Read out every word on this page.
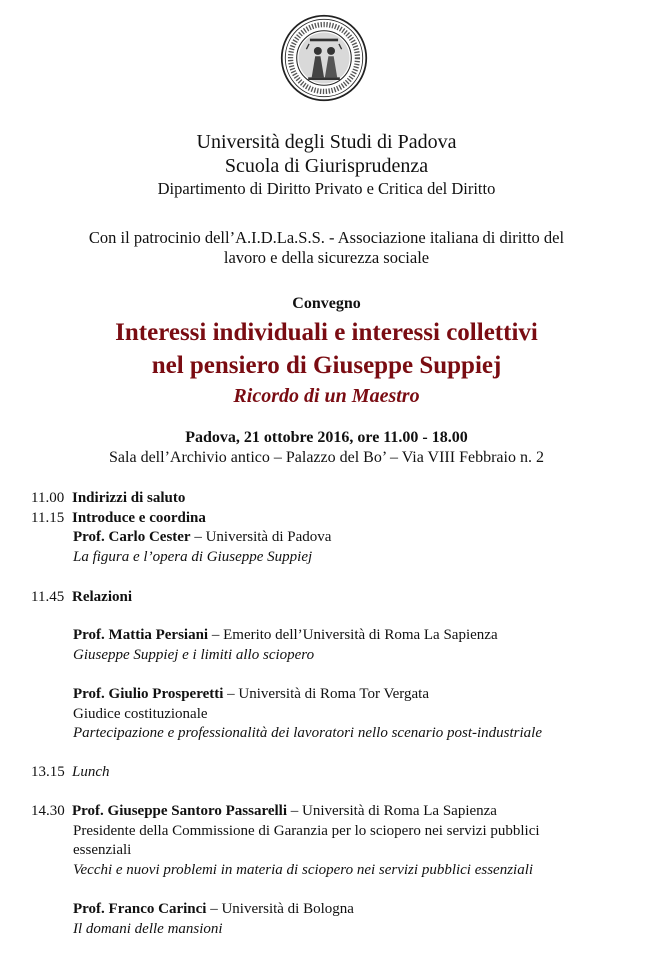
Università degli Studi di Padova
Scuola di Giurisprudenza
Dipartimento di Diritto Privato e Critica del Diritto
Con il patrocinio dell’A.I.D.La.S.S. - Associazione italiana di diritto del
lavoro e della sicurezza sociale
Convegno
Interessi individuali e interessi collettivi
nel pensiero di Giuseppe Suppiej
Ricordo di un Maestro
Padova, 21 ottobre 2016, ore 11.00 - 18.00
Sala dell’Archivio antico – Palazzo del Bo’ – Via VIII Febbraio n. 2
11.00 Indirizzi di saluto
11.15 Introduce e coordina
Prof. Carlo Cester – Università di Padova
La figura e l’opera di Giuseppe Suppiej
11.45 Relazioni
Prof. Mattia Persiani – Emerito dell’Università di Roma La Sapienza
Giuseppe Suppiej e i limiti allo sciopero
Prof. Giulio Prosperetti – Università di Roma Tor Vergata
Giudice costituzionale
Partecipazione e professionalità dei lavoratori nello scenario post-industriale
13.15 Lunch
14.30 Prof. Giuseppe Santoro Passarelli – Università di Roma La Sapienza
Presidente della Commissione di Garanzia per lo sciopero nei servizi pubblici
essenziali
Vecchi e nuovi problemi in materia di sciopero nei servizi pubblici essenziali
Prof. Franco Carinci – Università di Bologna
Il domani delle mansioni
